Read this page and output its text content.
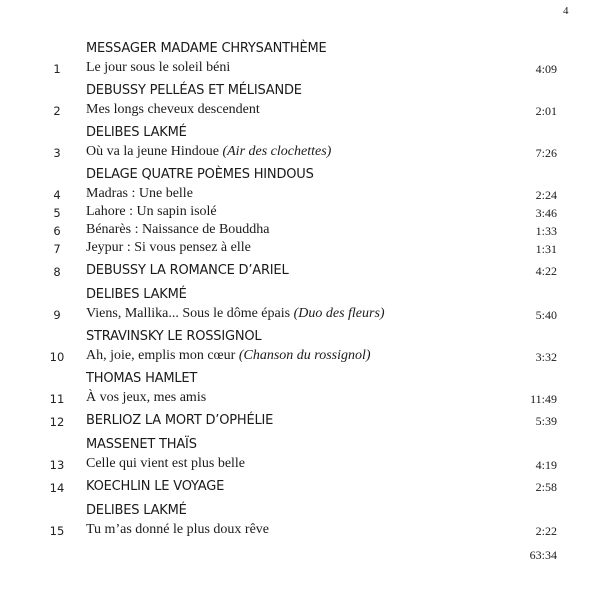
4
MESSAGER MADAME CHRYSANTHÈME
1	Le jour sous le soleil béni	4:09
DEBUSSY PELLÉAS ET MÉLISANDE
2	Mes longs cheveux descendent	2:01
DELIBES LAKMÉ
3	Où va la jeune Hindoue (Air des clochettes)	7:26
DELAGE QUATRE POÈMES HINDOUS
4	Madras : Une belle	2:24
5	Lahore : Un sapin isolé	3:46
6	Bénarès : Naissance de Bouddha	1:33
7	Jeypur : Si vous pensez à elle	1:31
DEBUSSY LA ROMANCE D’ARIEL
8	4:22
DELIBES LAKMÉ
9	Viens, Mallika... Sous le dôme épais (Duo des fleurs)	5:40
STRAVINSKY LE ROSSIGNOL
10	Ah, joie, emplis mon cœur (Chanson du rossignol)	3:32
THOMAS HAMLET
11	À vos jeux, mes amis	11:49
BERLIOZ LA MORT D’OPHÉLIE
12	5:39
MASSENET THAÏS
13	Celle qui vient est plus belle	4:19
KOECHLIN LE VOYAGE
14	2:58
DELIBES LAKMÉ
15	Tu m’as donné le plus doux rêve	2:22
63:34
